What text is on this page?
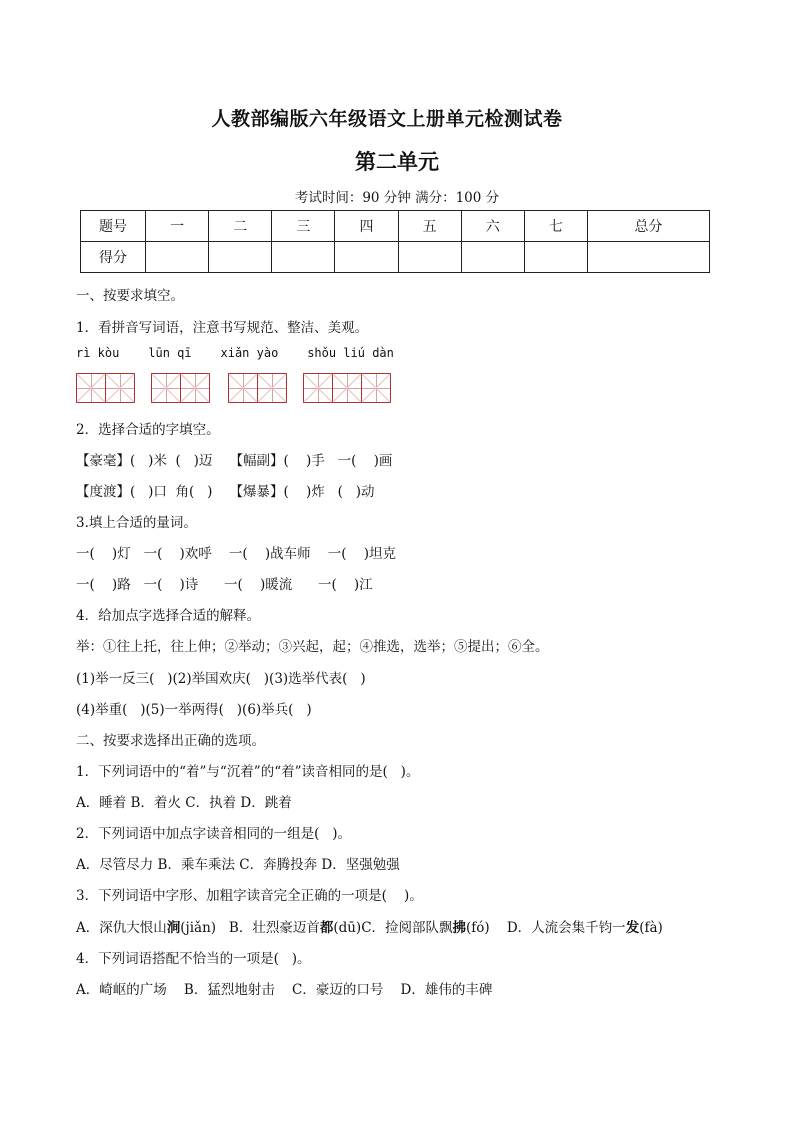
人教部编版六年级语文上册单元检测试卷
第二单元
考试时间：90 分钟 满分：100 分
题号	一	二	三	四	五	六	七	总分
得分								
一、按要求填空。
1．看拼音写词语，注意书写规范、整洁、美观。
rì kòu    lūn qī    xiǎn yào    shǒu liú dàn
2．选择合适的字填空。
【豪毫】(   )米  (   )迈    【幅副】(    )手   一(    )画
【度渡】(   )口  角(   )    【爆暴】(    )炸   (   )动
3.填上合适的量词。
一(    )灯   一(    )欢呼    一(    )战车师    一(    )坦克
一(    )路   一(    )诗      一(    )暖流      一(    )江
4．给加点字选择合适的解释。
举：①往上托，往上伸；②举动；③兴起，起；④推选，选举；⑤提出；⑥全。
(1)举一反三(   )(2)举国欢庆(   )(3)选举代表(   )
(4)举重(   )(5)一举两得(   )(6)举兵(   )
二、按要求选择出正确的选项。
1．下列词语中的“着”与“沉着”的“着”读音相同的是(   )。
A．睡着 B．着火 C．执着 D．跳着
2．下列词语中加点字读音相同的一组是(   )。
A．尽管尽力 B．乘车乘法 C．奔腾投奔 D．坚强勉强
3．下列词语中字形、加粗字读音完全正确的一项是(    )。
A．深仇大恨山涧(jiǎn)   B．壮烈豪迈首都(dū)C．捡阅部队飘拂(fó)    D．人流会集千钧一发(fà)
4．下列词语搭配不恰当的一项是(   )。
A．崎岖的广场    B．猛烈地射击    C．豪迈的口号    D．雄伟的丰碑
